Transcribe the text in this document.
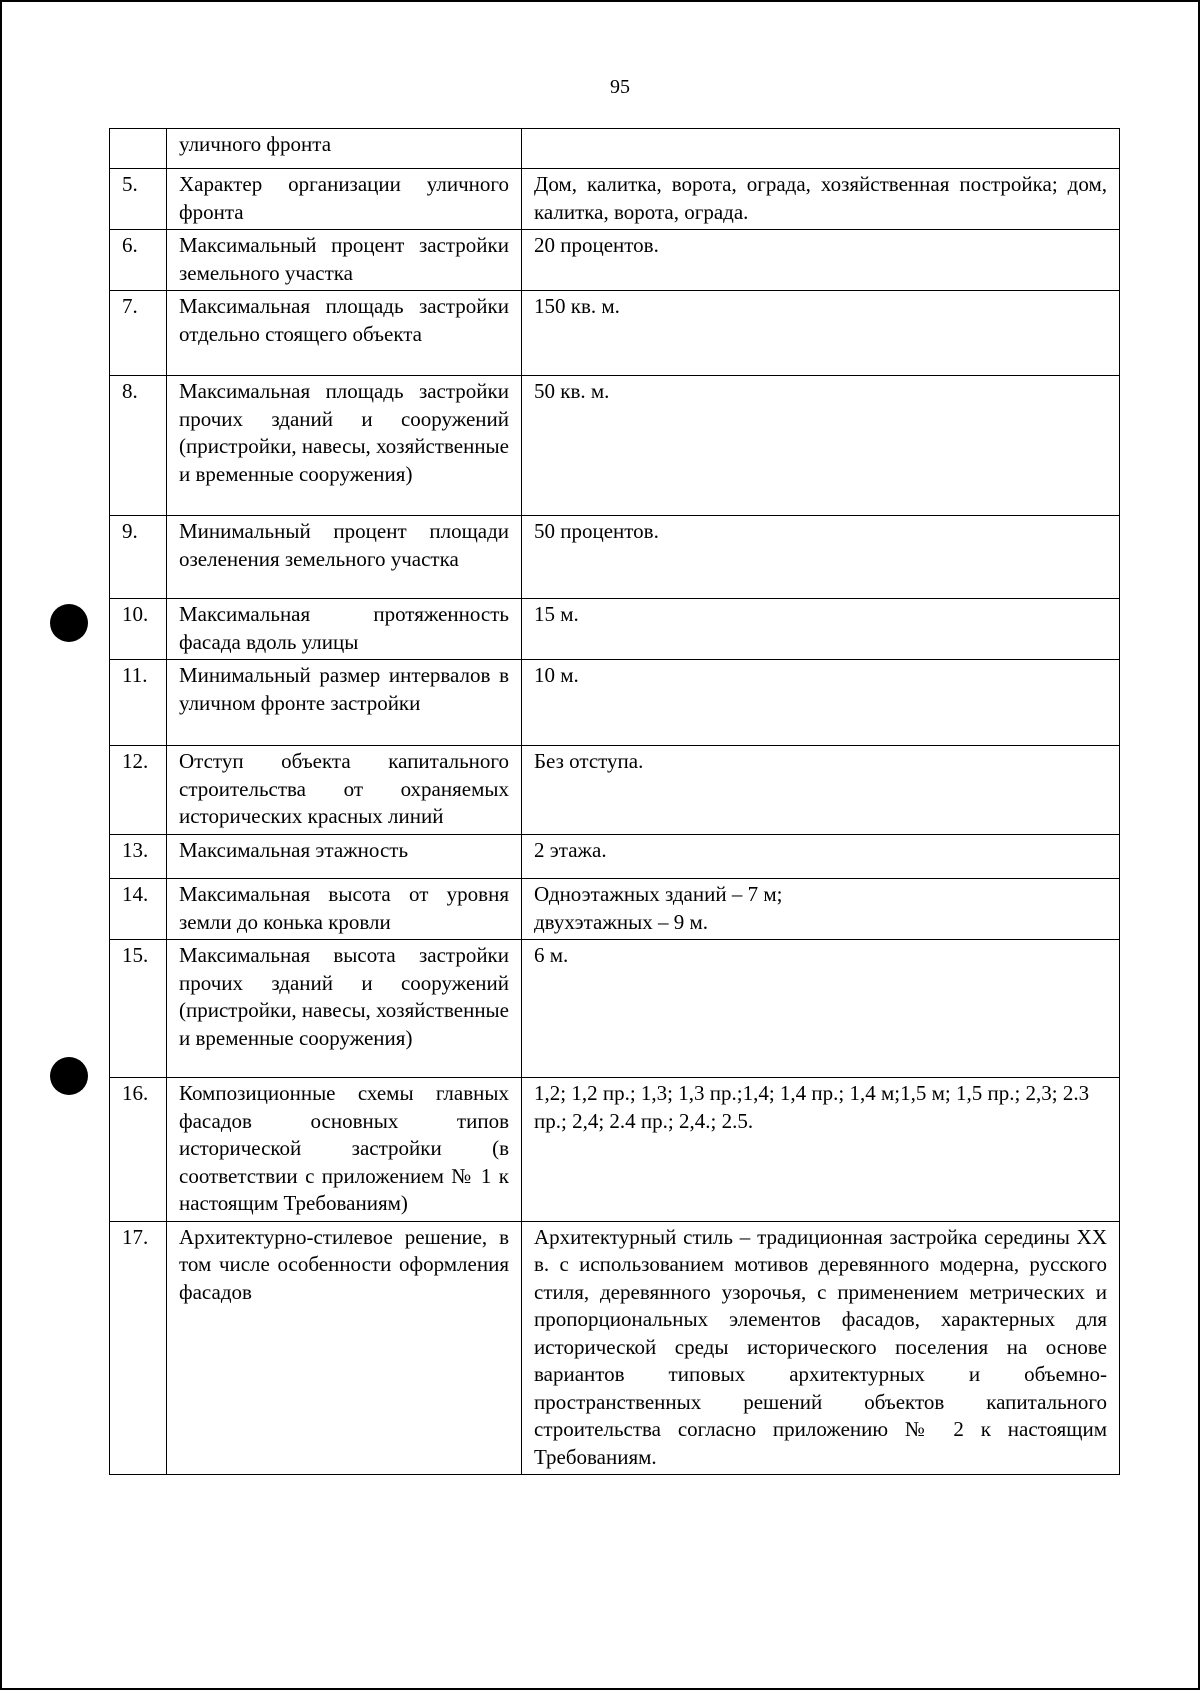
95
	уличного фронта	
5.	Характер организации уличного фронта	Дом, калитка, ворота, ограда, хозяйственная постройка; дом, калитка, ворота, ограда.
6.	Максимальный процент застройки земельного участка	20 процентов.
7.	Максимальная площадь застройки отдельно стоящего объекта	150 кв. м.
8.	Максимальная площадь застройки прочих зданий и сооружений (пристройки, навесы, хозяйственные и временные сооружения)	50 кв. м.
9.	Минимальный процент площади озеленения земельного участка	50 процентов.
10.	Максимальная протяженность фасада вдоль улицы	15 м.
11.	Минимальный размер интервалов в уличном фронте застройки	10 м.
12.	Отступ объекта капитального строительства от охраняемых исторических красных линий	Без отступа.
13.	Максимальная этажность	2 этажа.
14.	Максимальная высота от уровня земли до конька кровли	Одноэтажных зданий – 7 м;
двухэтажных – 9 м.
15.	Максимальная высота застройки прочих зданий и сооружений (пристройки, навесы, хозяйственные и временные сооружения)	6 м.
16.	Композиционные схемы главных фасадов основных типов исторической застройки (в соответствии с приложением № 1 к настоящим Требованиям)	1,2; 1,2 пр.; 1,3; 1,3 пр.;1,4; 1,4 пр.; 1,4 м;1,5 м; 1,5 пр.; 2,3; 2.3 пр.; 2,4; 2.4 пр.; 2,4.; 2.5.
17.	Архитектурно-стилевое решение, в том числе особенности оформления фасадов	Архитектурный стиль – традиционная застройка середины XX в. с использованием мотивов деревянного модерна, русского стиля, деревянного узорочья, с применением метрических и пропорциональных элементов фасадов, характерных для исторической среды исторического поселения на основе вариантов типовых архитектурных и объемно-пространственных решений объектов капитального строительства согласно приложению № 2 к настоящим Требованиям.
